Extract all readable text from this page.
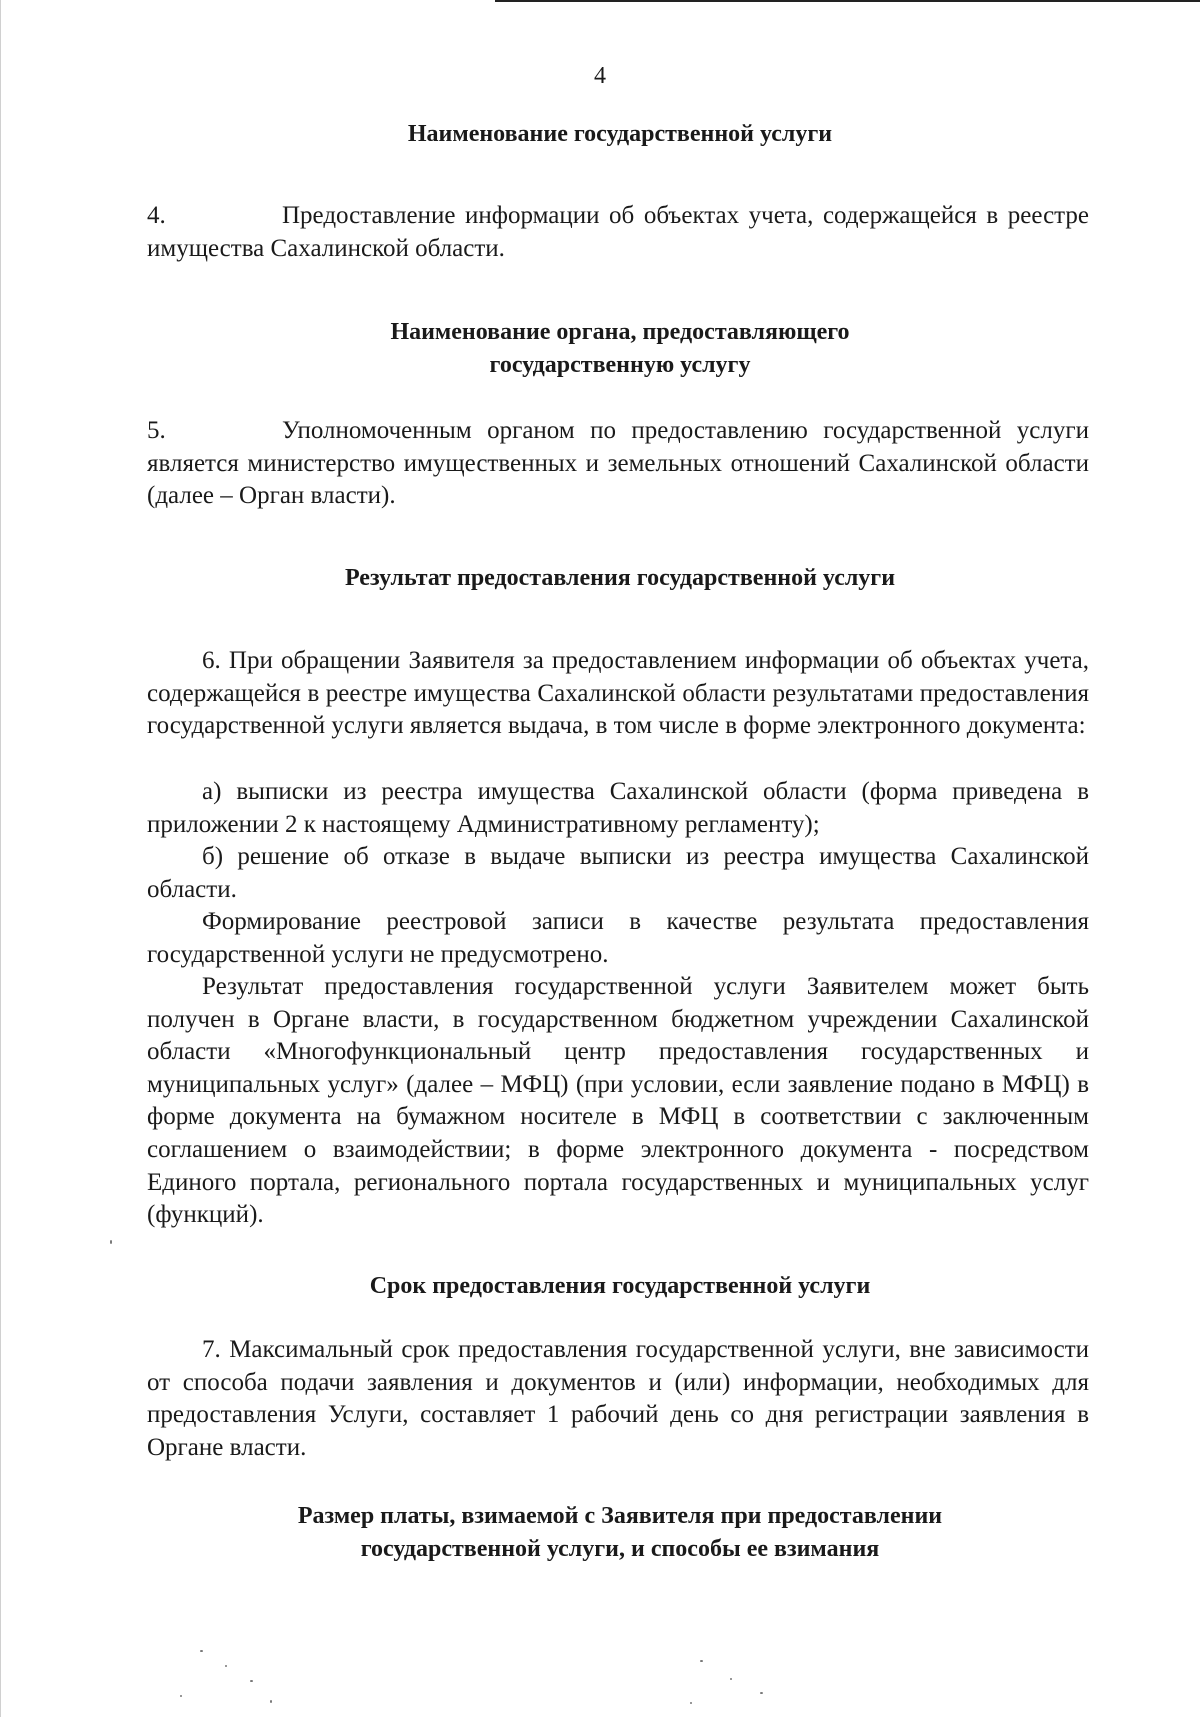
4
Наименование государственной услуги

4.	Предоставление информации об объектах учета, содержащейся в реестре имущества Сахалинской области.

Наименование органа, предоставляющего
государственную услугу

5.	Уполномоченным органом по предоставлению государственной услуги является министерство имущественных и земельных отношений Сахалинской области (далее – Орган власти).

Результат предоставления государственной услуги

6. При обращении Заявителя за предоставлением информации об объектах учета, содержащейся в реестре имущества Сахалинской области результатами предоставления государственной услуги является выдача, в том числе в форме электронного документа:

а) выписки из реестра имущества Сахалинской области (форма приведена в приложении 2 к настоящему Административному регламенту);

б) решение об отказе в выдаче выписки из реестра имущества Сахалинской области.

Формирование реестровой записи в качестве результата предоставления государственной услуги не предусмотрено.

Результат предоставления государственной услуги Заявителем может быть получен в Органе власти, в государственном бюджетном учреждении Сахалинской области «Многофункциональный центр предоставления государственных и муниципальных услуг» (далее – МФЦ) (при условии, если заявление подано в МФЦ) в форме документа на бумажном носителе в МФЦ в соответствии с заключенным соглашением о взаимодействии; в форме электронного документа - посредством Единого портала, регионального портала государственных и муниципальных услуг (функций).

Срок предоставления государственной услуги

7. Максимальный срок предоставления государственной услуги, вне зависимости от способа подачи заявления и документов и (или) информации, необходимых для предоставления Услуги, составляет 1 рабочий день со дня регистрации заявления в Органе власти.

Размер платы, взимаемой с Заявителя при предоставлении
государственной услуги, и способы ее взимания
